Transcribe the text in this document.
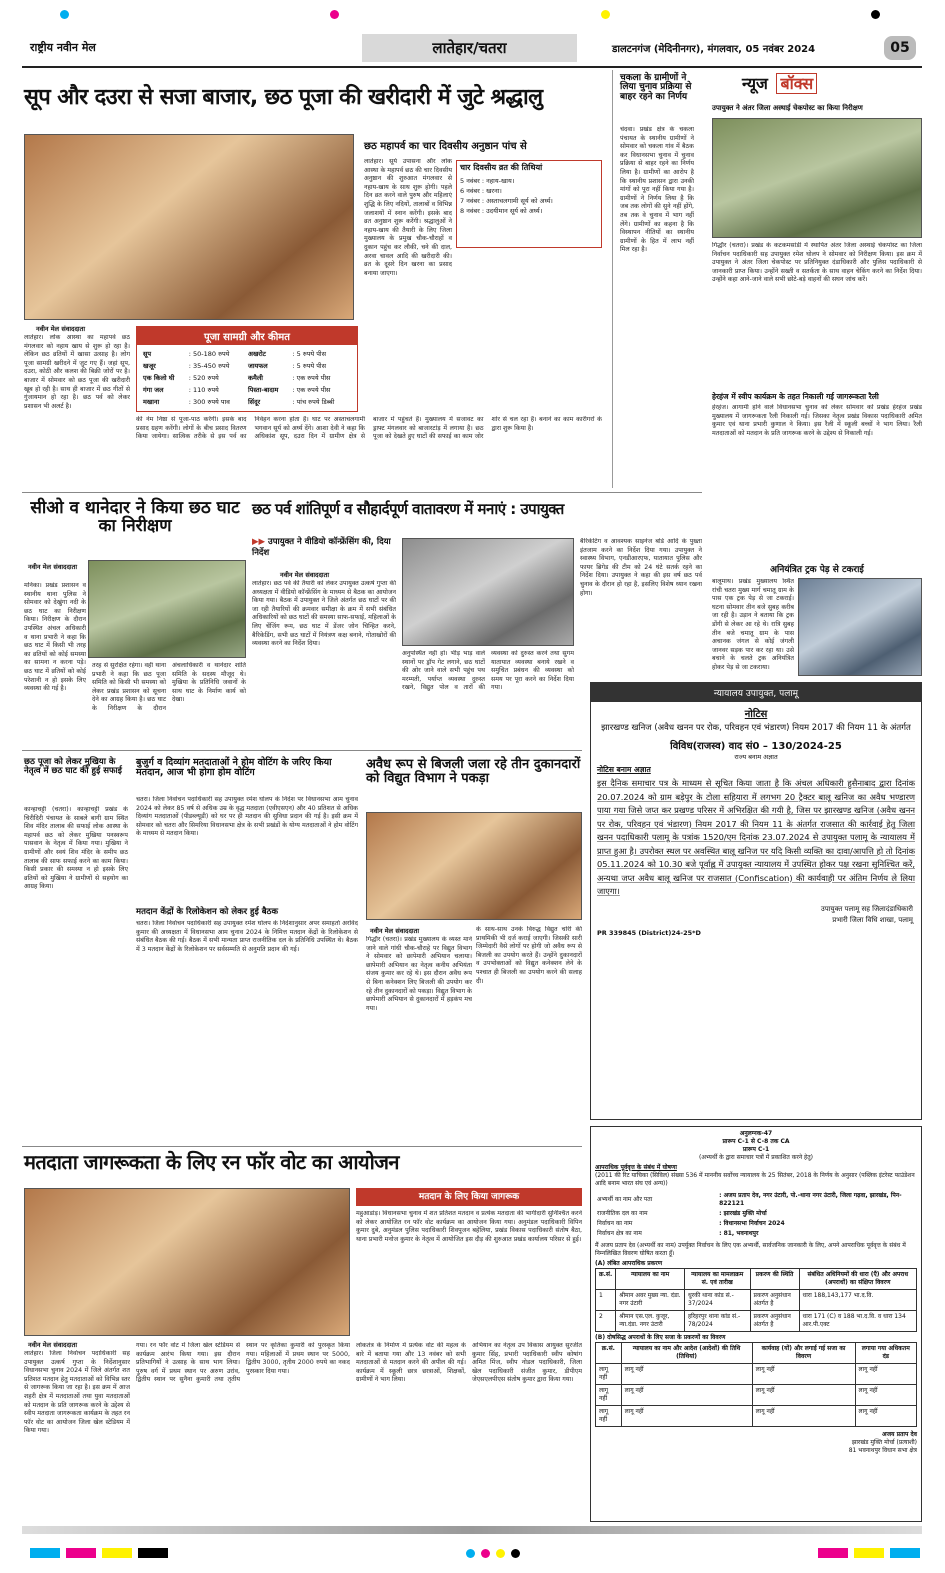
राष्ट्रीय नवीन मेल	लातेहार/चतरा	डालटनगंज (मेदिनीनगर), मंगलवार, 05 नवंबर 2024	05
सूप और दउरा से सजा बाजार, छठ पूजा की खरीदारी में जुटे श्रद्धालु
छठ महापर्व का चार दिवसीय अनुष्ठान पांच से
चार दिवसीय व्रत की तिथियां
5 नवंबर : नहाय-खाय।
6 नवंबर : खरना।
7 नवंबर : अस्ताचलगामी सूर्य को अर्घ्य।
8 नवंबर : उदयीमान सूर्य को अर्घ्य।

लातेहार। सूर्य उपासना और लोक आस्था के महापर्व छठ की चार दिवसीय अनुष्ठान की शुरुआत मंगलवार से नहाय-खाय के साथ शुरू होगी। पहले दिन व्रत करने वाले पुरुष और महिलाएं शुद्धि के लिए नदियों, तालाबों व विभिन्न जलाशयों में स्नान करेंगी। इसके बाद व्रत अनुष्ठान शुरू करेंगी। श्रद्धालुओं ने नहाय-खाय की तैयारी के लिए जिला मुख्यालय के प्रमुख चौक-चौराहों व दुकान पहुंच कर लौकी, चने की दाल, अरवा चावल आदि की खरीदारी की। व्रत के दूसरे दिन खरना का प्रसाद बनाया जाएगा।

नवीन मेल संवाददाता

लातेहार। लोक आस्था का महापर्व छठ मंगलवार को नहाय खाय से शुरू हो रहा है। लेकिन छठ व्रतियों में खासा उत्साह है। लोग पूजा सामग्री खरीदने में जुट गए हैं। जहां सूप, दउरा, कोठी और कलश की बिक्री जोरों पर है। बाजार में सोमवार को छठ पूजा की खरीदारी खूब हो रही है। साथ ही बाजार में छठ गीतों से गुंजायमान हो रहा है। छठ पर्व को लेकर प्रशासन भी अलर्ट है।

पूजा सामग्री और कीमत
सूप	: 50-180 रुपये	अखरोट	: 5 रुपये पीस
खजूर	: 35-450 रुपये	जायफल	: 5 रुपये पीस
एक किलो घी	: 520 रुपये	कमैली	: एक रुपये पीस
गंगा जल	: 110 रुपये	पिस्ता-बादाम	: एक रुपये पीस
मखाना	: 300 रुपये पाव	सिंदूर	: पांच रुपये डिब्बी

की नेम निष्ठा से पूजा-पाठ करेंगी। इसके बाद प्रसाद ग्रहण करेंगी। लोगों के बीच प्रसाद वितरण किया जायेगा। सात्विक तरीके से इस पर्व का निर्वहन करना होता है। घाट पर अस्ताचलगामी भगवान सूर्य को अर्घ्य देंगे। आशा देवी ने कहा कि अधिकांश सूप, दउरा दिन में ग्रामीण क्षेत्र से बाजार में पहुंचते हैं। मुख्यालय में सजावट का ड्राफ्ट मंगलवार को बाजारटांड़ में लगाया है। छठ पूजा को देखते हुए घाटों की सफाई का काम जोर शोर से चल रहा है। बनाने का काम कारीगरों के द्वारा शुरू किया है।

चकला के ग्रामीणों ने लिया चुनाव प्रक्रिया से बाहर रहने का निर्णय

चंदवा। प्रखंड क्षेत्र के चकला पंचायत के स्थानीय ग्रामीणों ने सोमवार को चकला गांव में बैठक कर विधानसभा चुनाव में चुनाव प्रक्रिया से बाहर रहने का निर्णय लिया है। ग्रामीणों का आरोप है कि स्थानीय प्रशासन द्वारा उनकी मांगों को पूरा नहीं किया गया है। ग्रामीणों ने निर्णय लिया है कि जब तक लोगों की सुने नहीं होंगे, तब तक वे चुनाव में भाग नहीं लेंगे। ग्रामीणों का कहना है कि विस्थापन नीतियों का स्थानीय ग्रामीणों के हित में लाभ नहीं मिल रहा है।

न्यूज बॉक्स
उपायुक्त ने अंतर जिला अस्थाई चेकपोस्ट का किया निरीक्षण

गिद्धौर (चतरा)। प्रखंड के कटकमसांडी में स्थापित अंतर जिला अस्थाई चेकपोस्ट का जिला निर्वाचन पदाधिकारी सह उपायुक्त रमेश घोलप ने सोमवार को निरीक्षण किया। इस क्रम में उपायुक्त ने अंतर जिला चेकपोस्ट पर प्रतिनियुक्त दंडाधिकारी और पुलिस पदाधिकारी से जानकारी प्राप्त किया। उन्होंने सख्ती व सतर्कता के साथ वाहन चेकिंग करने का निर्देश दिया। उन्होंने कहा आने-जाने वाले सभी छोटे-बड़े वाहनों की सघन जांच करें।

हेरहंज में स्वीप कार्यक्रम के तहत निकाली गई जागरूकता रैली

हेरहंज। आगामी होने वाले विधानसभा चुनाव को लेकर सोमवार को प्रखंड हेरहंज प्रखंड मुख्यालय में जागरूकता रैली निकाली गई। जिसका नेतृत्व प्रखंड विकास पदाधिकारी अमित कुमार एवं थाना प्रभारी कुणाल ने किया। इस रैली में स्कूली बच्चों ने भाग लिया। रैली मतदाताओं को मतदान के प्रति जागरूक करने के उद्देश्य से निकाली गई।

अनियंत्रित ट्रक पेड़ से टकराई

बालूमाथ। प्रखंड मुख्यालय स्थित रांची चतरा मुख्य मार्ग चमातू ग्राम के पास एक ट्रक पेड़ से जा टकराई। घटना सोमवार तीन बजे सुबह करीब जा रही है। उड़ान ने बताया कि ट्रक डोंगी से लेकर आ रहे थे। रात्रि सुबह तीन बजे चमातू ग्राम के पास अचानक जंगल से कोई जंगली जानवर सड़क पार कर रहा था। उसे बचाने के चलते ट्रक अनियंत्रित होकर पेड़ से जा टकराया।

सीओ व थानेदार ने किया छठ घाट का निरीक्षण
नवीन मेल संवाददाता

मनिका। प्रखंड प्रशासन व स्थानीय थाना पुलिस ने सोमवार को देखुंगा नदी के छठ घाट का निरीक्षण किया। निरीक्षण के दौरान उपस्थित अंचल अधिकारी व थाना प्रभारी ने कहा कि छठ घाट में किसी भी तरह का व्रतियों को कोई समस्या का सामना न करना पड़े। छठ घाट में व्रतियों को कोई परेशानी न हो इसके लिए व्यवस्था की गई है।

तरह से सुरक्षित रहेगा। वहीं थाना प्रभारी ने कहा कि छठ पूजा समिति को किसी भी समस्या को लेकर प्रखंड प्रशासन को सूचना देने का आग्रह किया है। छठ घाट के निरीक्षण के दौरान अंचलाधिकारी व थानेदार शांति समिति के सदस्य मौजूद थे। मुखिया के प्रतिनिधि जवानों के साथ घाट के निर्माण कार्य को देखा।

छठ पर्व शांतिपूर्ण व सौहार्दपूर्ण वातावरण में मनाएं : उपायुक्त
▶▶ उपायुक्त ने वीडियो कॉन्फ्रेंसिंग की, दिया निर्देश
नवीन मेल संवाददाता

लातेहार। छठ पर्व की तैयारी को लेकर उपायुक्त उत्कर्ष गुप्ता की अध्यक्षता में वीडियो कॉन्फ्रेंसिंग के माध्यम से बैठक का आयोजन किया गया। बैठक में उपायुक्त ने जिले अंतर्गत छठ घाटों पर की जा रही तैयारियों की क्रमवार समीक्षा के क्रम में सभी संबंधित अधिकारियों को छठ घाटों की समस्या साफ-सफाई, महिलाओं के लिए चेंजिंग रूम, छठ घाट में डेंजर जोन चिन्हित करने, बैरिकेडिंग, सभी छठ घाटों में नियंत्रण कक्ष बनाने, गोताखोरों की व्यवस्था करने का निर्देश दिया।

अनुपस्थित नहीं हो। भीड़ भाड़ वाले स्थानों पर ड्रॉप गेट लगाने, छठ घाटों की ओर जाने वाले सभी पहुंच पथ मरम्मती, पर्याप्त व्यवस्था दुरुस्त रखने, विद्युत पोल व तारों की व्यवस्था को दुरुस्त करने तथा सुगम यातायात व्यवस्था बनाये रखने व समुचित प्रबंधन की व्यवस्था को समय पर पूरा करने का निर्देश दिया गया।

बैरिकेटिंग व आवश्यक साइनेज बोर्ड आदि के पुख्ता इंतजाम करने का निर्देश दिया गया। उपायुक्त ने स्वास्थ्य विभाग, एनडीआरएफ, यातायात पुलिस और फायर ब्रिगेड की टीम को 24 घंटे सतर्क रहने का निर्देश दिया। उपायुक्त ने कहा की इस वर्ष छठ पर्व चुनाव के दौरान हो रहा है, इसलिए विशेष ध्यान रखना होगा।

छठ पूजा को लेकर मुखिया के नेतृत्व में छठ घाट की हुई सफाई

कान्हाचट्टी (चतरा)। कान्हाचट्टी प्रखंड के चिरीदिरी पंचायत के साबले बागी ग्राम स्थित शिव मंदिर तालाब की सफाई लोक आस्था के महापर्व छठ को लेकर मुखिया पनस्वरूप पासवान के नेतृत्व में किया गया। मुखिया ने ग्रामीणों और स्वयं शिव मंदिर के समीप छठ तालाब की साफ सफाई करने का काम किया। किसी प्रकार की समस्या न हो इसके लिए व्रतियों को मुखिया ने ग्रामीणों से सहयोग का आग्रह किया।

बुजुर्ग व दिव्यांग मतदाताओं ने होम वोटिंग के जरिए किया मतदान, आज भी होगा होम वोटिंग

चतरा। जिला निर्वाचन पदाधिकारी सह उपायुक्त रमेश घोलप के निर्देश पर विधानसभा आम चुनाव 2024 को लेकर 85 वर्ष से अधिक उम्र के वृद्ध मतदाता (एवीएसएन) और 40 प्रतिशत से अधिक दिव्यांग मतदाताओं (पीडब्ल्यूडी) को घर पर ही मतदान की सुविधा प्रदान की गई है। इसी क्रम में सोमवार को चतरा और सिमरिया विधानसभा क्षेत्र के सभी प्रखंडों के योग्य मतदाताओं ने होम वोटिंग के माध्यम से मतदान किया।

मतदान केंद्रों के रिलोकेशन को लेकर हुई बैठक

चतरा। जिला निर्वाचन पदाधिकारी सह उपायुक्त रमेश घोलप के निर्देशानुसार अपर समाहर्ता अरविंद कुमार की अध्यक्षता में विधानसभा आम चुनाव 2024 के निमित्त मतदान केंद्रों के रिलोकेशन से संबंधित बैठक की गई। बैठक में सभी मान्यता प्राप्त राजनीतिक दल के प्रतिनिधि उपस्थित थे। बैठक में 3 मतदान केंद्रों के रिलोकेशन पर सर्वसम्मति से अनुमति प्रदान की गई।

अवैध रूप से बिजली जला रहे तीन दुकानदारों को विद्युत विभाग ने पकड़ा
नवीन मेल संवाददाता

गिद्धौर (चतरा)। प्रखंड मुख्यालय के व्यस्त माने जाने वाले गांधी चौक-चौराहे पर विद्युत विभाग ने सोमवार को छापेमारी अभियान चलाया। छापेमारी अभियान का नेतृत्व कनीय अभियंता संजय कुमार कर रहे थे। इस दौरान अवैध रूप से बिना कनेक्शन लिए बिजली की उपयोग कर रहे तीन दुकानदारों को पकड़ा। विद्युत विभाग के छापेमारी अभियान से दुकानदारों में हड़कंप मच गया।

के साथ-साथ उनके विरुद्ध विद्युत चोरी की प्राथमिकी भी दर्ज कराई जाएगी। जिसकी सारी जिम्मेदारी वैसे लोगों पर होगी जो अवैध रूप से बिजली का उपयोग करते हैं। उन्होंने दुकानदारों व उपभोक्ताओं को विद्युत कनेक्शन लेने के पश्चात ही बिजली का उपयोग करने की सलाह दी।

न्यायालय उपायुक्त, पलामू
नोटिस
झारखण्ड खनिज (अवैध खनन पर रोक, परिवहन एवं भंडारण) नियम 2017 की नियम 11 के अंतर्गत
विविध(राजस्व) वाद सं0 – 130/2024-25
राज्य बनाम अज्ञात
नोटिस बनाम अज्ञात
इस दैनिक समाचार पत्र के माध्यम से सूचित किया जाता है कि अंचल अधिकारी हुसैनाबाद द्वारा दिनांक 20.07.2024 को ग्राम बड़ेपुर के टोला सहियारा में लगभग 20 ट्रैक्टर बालू खनिज का अवैध भण्डारण पाया गया जिसे जप्त कर प्रखण्ड परिसर में अभिरक्षित की गयी है, जिस पर झारखण्ड खनिज (अवैध खनन पर रोक, परिवहन एवं भंडारण) नियम 2017 की नियम 11 के अंतर्गत राजसात की कार्रवाई हेतु जिला खनन पदाधिकारी पलामू के पत्रांक 1520/एम दिनांक 23.07.2024 से उपायुक्त पलामू के न्यायालय में प्राप्त हुआ है। उपरोक्त स्थल पर अवस्थित बालू खनिज पर यदि किसी व्यक्ति का दावा/आपत्ति हो तो दिनांक 05.11.2024 को 10.30 बजे पूर्वाह्न में उपायुक्त न्यायालय में उपस्थित होकर पक्ष रखना सुनिश्चित करें, अन्यथा जप्त अवैध बालू खनिज पर राजसात (Confiscation) की कार्यवाही पर अंतिम निर्णय ले लिया जाएगा।
उपायुक्त पलामू सह जिलादंडाधिकारी
प्रभारी जिला विधि शाखा, पलामू
PR 339845 (District)24-25*D
मतदाता जागरूकता के लिए रन फॉर वोट का आयोजन
मतदान के लिए किया जागरूक

महुआडांड़। विधानसभा चुनाव में शत प्रतिशत मतदान व प्रत्येक मतदाता की भागीदारी सुनिश्चित करने को लेकर आयोजित रन फॉर वोट कार्यक्रम का आयोजन किया गया। अनुमंडल पदाधिकारी विपिन कुमार दुबे, अनुमंडल पुलिस पदाधिकारी शिवपूजन बहेलिया, प्रखंड विकास पदाधिकारी संतोष बैठा, थाना प्रभारी मनोज कुमार के नेतृत्व में आयोजित इस दौड़ की शुरुआत प्रखंड कार्यालय परिसर से हुई।

नवीन मेल संवाददाता

लातेहार। जिला निर्वाचन पदाधिकारी सह उपायुक्त उत्कर्ष गुप्ता के निर्देशानुसार विधानसभा चुनाव 2024 में जिले अंतर्गत शत प्रतिशत मतदान हेतु मतदाताओं को विभिन्न स्तर से जागरूक किया जा रहा है। इस क्रम में आज शहरी क्षेत्र में मतदाताओं तथा युवा मतदाताओं को मतदान के प्रति जागरूक करने के उद्देश्य से स्वीप मतदाता जागरूकता कार्यक्रम के तहत रन फॉर वोट का आयोजन जिला खेल स्टेडियम में किया गया।

गया। रन फॉर वोट में जिला खेल स्टेडियम से कार्यक्रम आरंभ किया गया। इस दौरान प्रतिभागियों ने उत्साह के साथ भाग लिया। पुरुष वर्ग में प्रथम स्थान पर अरुण उरांव, द्वितीय स्थान पर सुनैना कुमारी तथा तृतीय स्थान पर कृतिका कुमारी को पुरस्कृत किया गया। महिलाओं में प्रथम स्थान पर 5000, द्वितीय 3000, तृतीय 2000 रुपये का नकद पुरस्कार दिया गया।

लोकतंत्र के निर्माण में प्रत्येक वोट की महत्व के बारे में बताया गया और 13 नवंबर को सभी मतदाताओं से मतदान करने की अपील की गई। कार्यक्रम में स्कूली छात्र छात्राओं, शिक्षकों, ग्रामीणों ने भाग लिया।

अभियान का नेतृत्व उप विकास आयुक्त सुरजीत कुमार सिंह, प्रभारी पदाधिकारी स्वीप कोषांग अमित मिंज, स्वीप नोडल पदाधिकारी, जिला खेल पदाधिकारी संजीत कुमार, डीपीएम जेएसएलपीएस संतोष कुमार द्वारा किया गया।

अनुलग्नक-47
प्रारूप C-1 से C-8 तक CA
प्रारूप C-1
(अभ्यर्थी के द्वारा समाचार पत्रों में प्रकाशित करने हेतु)
आपराधिक पूर्ववृत्त के संबंध में घोषणा
(2011 की रिट याचिका (सिविल) संख्या 536 में माननीय सर्वोच्च न्यायालय के 25 सितंबर, 2018 के निर्णय के अनुसार (पब्लिक इंटरेस्ट फाउंडेशन आदि बनाम भारत संघ एवं अन्य))
अभ्यर्थी का नाम और पता	: अजय प्रताप देव, नगर उंटारी, पो.-थाना नगर उंटारी, जिला गढ़वा, झारखंड, पिन- 822121
राजनीतिक दल का नाम	: झारखंड मुक्ति मोर्चा
निर्वाचन का नाम	: विधानसभा निर्वाचन 2024
निर्वाचन क्षेत्र का नाम	: 81, भवनाथपुर
मैं अजय प्रताप देव (अभ्यर्थी का नाम) उपर्युक्त निर्वाचन के लिए एक अभ्यर्थी, सार्वजनिक जानकारी के लिए, अपने आपराधिक पूर्ववृत्त के संबंध में निम्नलिखित विवरण घोषित करता हूँ।
(A) लंबित आपराधिक प्रकरण
क्र.सं.	न्यायालय का नाम	न्यायालय का मामलाक्रम सं. एवं तारीख	प्रकरण की स्थिति	संबंधित अधिनियमों की धारा (एँ) और अपराध (अपराधों) का संक्षिप्त विवरण
1	श्रीमान अवर मुख्य न्या. दंडा. नगर उंटारी	धुरकी थाना कांड सं.- 37/2024	प्रकरण अनुसंधान अंतर्गत है	धारा 188,143,177 भा.द.वि.
2	श्रीमान एस.एल. कुजूर, न्या.दंडा. नगर उंटारी	हरिहरपुर थाना कांड सं.- 78/2024	प्रकरण अनुसंधान अंतर्गत है	धारा 171 (C) व 188 भा.द.वि. व धारा 134 आर.पी.एक्ट
(B) दोषसिद्ध अपराधों के लिए सजा के प्रकरणों का विवरण
क्र.सं.	न्यायालय का नाम और आदेश (आदेशों) की तिथि (तिथियां)	कार्यवाह (यों) और लगाई गई सजा का विवरण	लगाया गया अधिकतम दंड
लागू नहीं	लागू नहीं	लागू नहीं	लागू नहीं
लागू नहीं	लागू नहीं	लागू नहीं	लागू नहीं
लागू नहीं	लागू नहीं	लागू नहीं	लागू नहीं
अजय प्रताप देव
झारखंड मुक्ति मोर्चा (प्रत्याशी)
81 भवनाथपुर विधान सभा क्षेत्र
